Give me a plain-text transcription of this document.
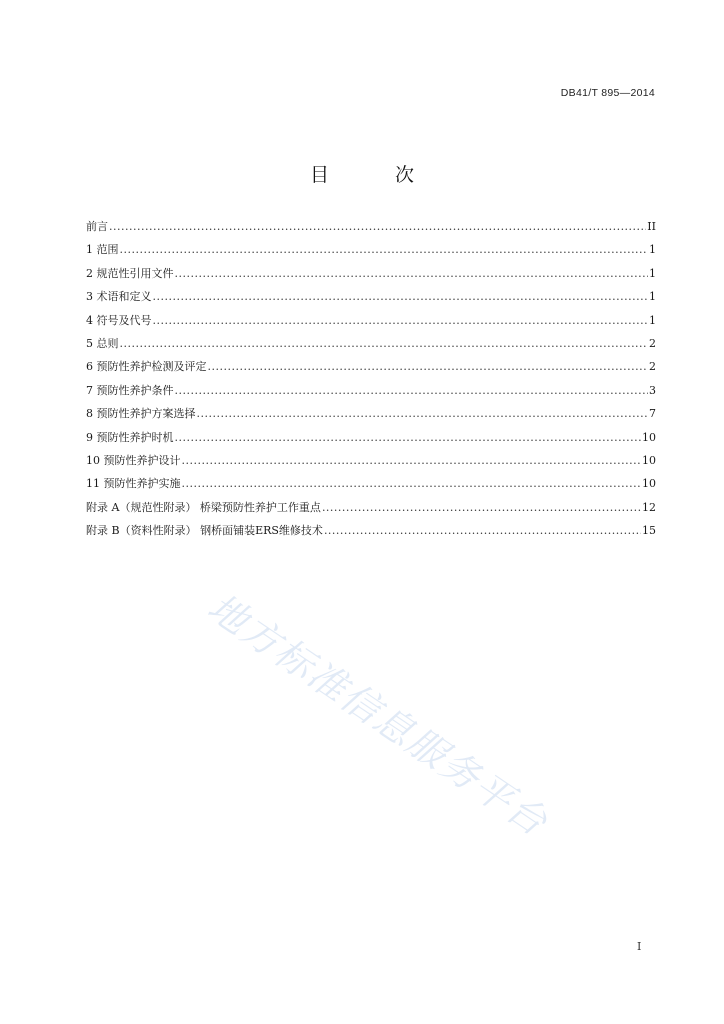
DB41/T 895—2014
目 次
前言 .....	II
1 范围 .....	1
2 规范性引用文件 .....	1
3 术语和定义 .....	1
4 符号及代号 .....	1
5 总则 .....	2
6 预防性养护检测及评定 .....	2
7 预防性养护条件 .....	3
8 预防性养护方案选择 .....	7
9 预防性养护时机 .....	10
10 预防性养护设计 .....	10
11 预防性养护实施 .....	10
附录 A（规范性附录） 桥梁预防性养护工作重点 .....	12
附录 B（资料性附录） 钢桥面铺装ERS维修技术 .....	15
地方标准信息服务平台
I
